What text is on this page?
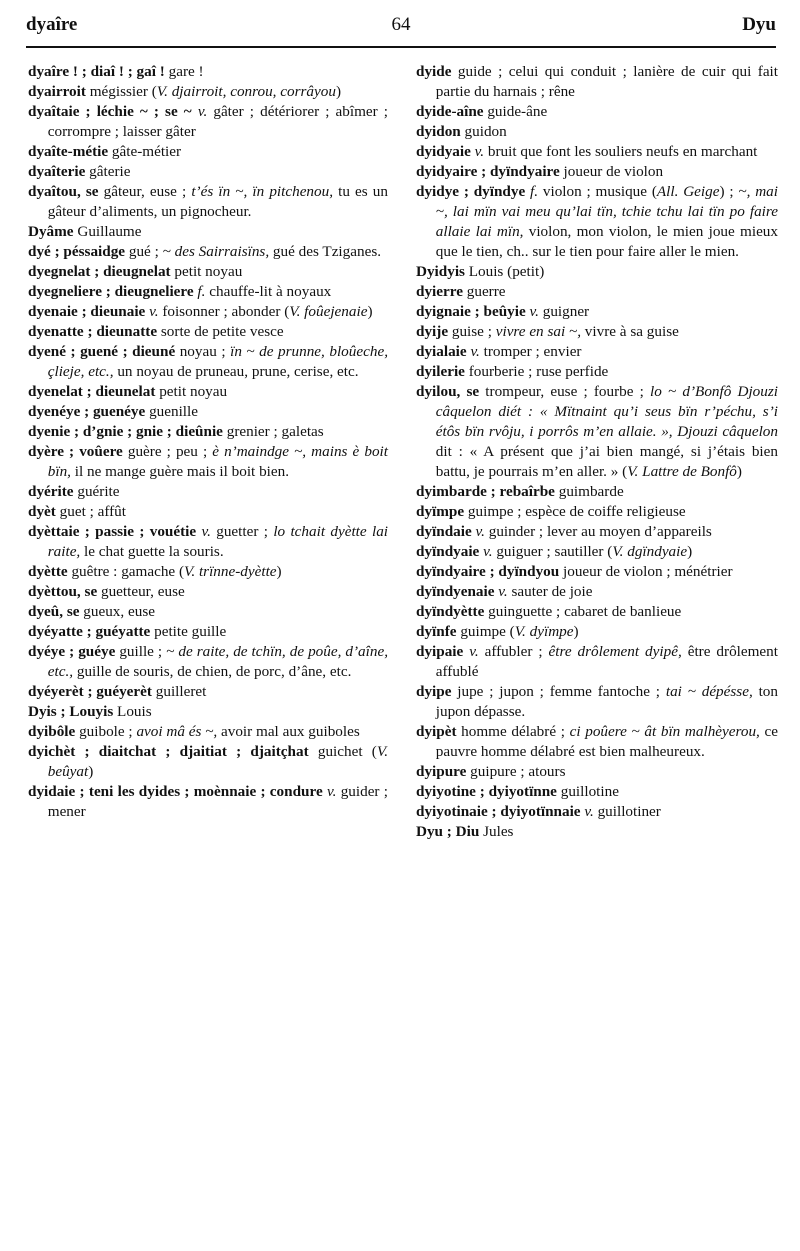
dyaîre	64	Dyu

dyaîre ! ; diaî ! ; gaî ! gare !

dyairroit mégissier (V. djairroit, conrou, corrâyou)

dyaîtaie ; léchie ~ ; se ~ v. gâter ; détériorer ; abîmer ; corrompre ; laisser gâter

dyaîte-métie gâte-métier

dyaîterie gâterie

dyaîtou, se gâteur, euse ; t’és ïn ~, ïn pitchenou, tu es un gâteur d’aliments, un pignocheur.

Dyâme Guillaume

dyé ; péssaidge gué ; ~ des Sairraisïns, gué des Tziganes.

dyegnelat ; dieugnelat petit noyau

dyegneliere ; dieugneliere f. chauffe-lit à noyaux

dyenaie ; dieunaie v. foisonner ; abonder (V. foûejenaie)

dyenatte ; dieunatte sorte de petite vesce

dyené ; guené ; dieuné noyau ; ïn ~ de prunne, bloûeche, çlieje, etc., un noyau de pruneau, prune, cerise, etc.

dyenelat ; dieunelat petit noyau

dyenéye ; guenéye guenille

dyenie ; d’gnie ; gnie ; dieûnie grenier ; galetas

dyère ; voûere guère ; peu ; è n’maindge ~, mains è boit bïn, il ne mange guère mais il boit bien.

dyérite guérite

dyèt guet ; affût

dyèttaie ; passie ; vouétie v. guetter ; lo tchait dyètte lai raite, le chat guette la souris.

dyètte guêtre : gamache (V. trïnne-dyètte)

dyèttou, se guetteur, euse

dyeû, se gueux, euse

dyéyatte ; guéyatte petite guille

dyéye ; guéye guille ; ~ de raite, de tchïn, de poûe, d’aîne, etc., guille de souris, de chien, de porc, d’âne, etc.

dyéyerèt ; guéyerèt guilleret

Dyis ; Louyis Louis

dyibôle guibole ; avoi mâ és ~, avoir mal aux guiboles

dyichèt ; diaitchat ; djaitiat ; djaitçhat guichet (V. beûyat)

dyidaie ; teni les dyides ; moènnaie ; condure v. guider ; mener

dyide guide ; celui qui conduit ; lanière de cuir qui fait partie du harnais ; rêne

dyide-aîne guide-âne

dyidon guidon

dyidyaie v. bruit que font les souliers neufs en marchant

dyidyaire ; dyïndyaire joueur de violon

dyidye ; dyïndye f. violon ; musique (All. Geige) ; ~, mai ~, lai mïn vai meu qu’lai tïn, tchie tchu lai tïn po faire allaie lai mïn, violon, mon violon, le mien joue mieux que le tien, ch.. sur le tien pour faire aller le mien.

Dyidyis Louis (petit)

dyierre guerre

dyignaie ; beûyie v. guigner

dyije guise ; vivre en sai ~, vivre à sa guise

dyialaie v. tromper ; envier

dyilerie fourberie ; ruse perfide

dyilou, se trompeur, euse ; fourbe ; lo ~ d’Bonfô Djouzi câquelon diét : « Mïtnaint qu’i seus bïn r’péchu, s’i étôs bïn rvôju, i porrôs m’en allaie. », Djouzi câquelon dit : « A présent que j’ai bien mangé, si j’étais bien battu, je pourrais m’en aller. » (V. Lattre de Bonfô)

dyimbarde ; rebaîrbe guimbarde

dyïmpe guimpe ; espèce de coiffe religieuse

dyïndaie v. guinder ; lever au moyen d’appareils

dyïndyaie v. guiguer ; sautiller (V. dgïndyaie)

dyïndyaire ; dyïndyou joueur de violon ; ménétrier

dyïndyenaie v. sauter de joie

dyïndyètte guinguette ; cabaret de banlieue

dyïnfe guimpe (V. dyïmpe)

dyipaie v. affubler ; être drôlement dyipê, être drôlement affublé

dyipe jupe ; jupon ; femme fantoche ; tai ~ dépésse, ton jupon dépasse.

dyipèt homme délabré ; ci poûere ~ ât bïn malhèyerou, ce pauvre homme délabré est bien malheureux.

dyipure guipure ; atours

dyiyotine ; dyiyotïnne guillotine

dyiyotinaie ; dyiyotïnnaie v. guillotiner

Dyu ; Diu Jules
